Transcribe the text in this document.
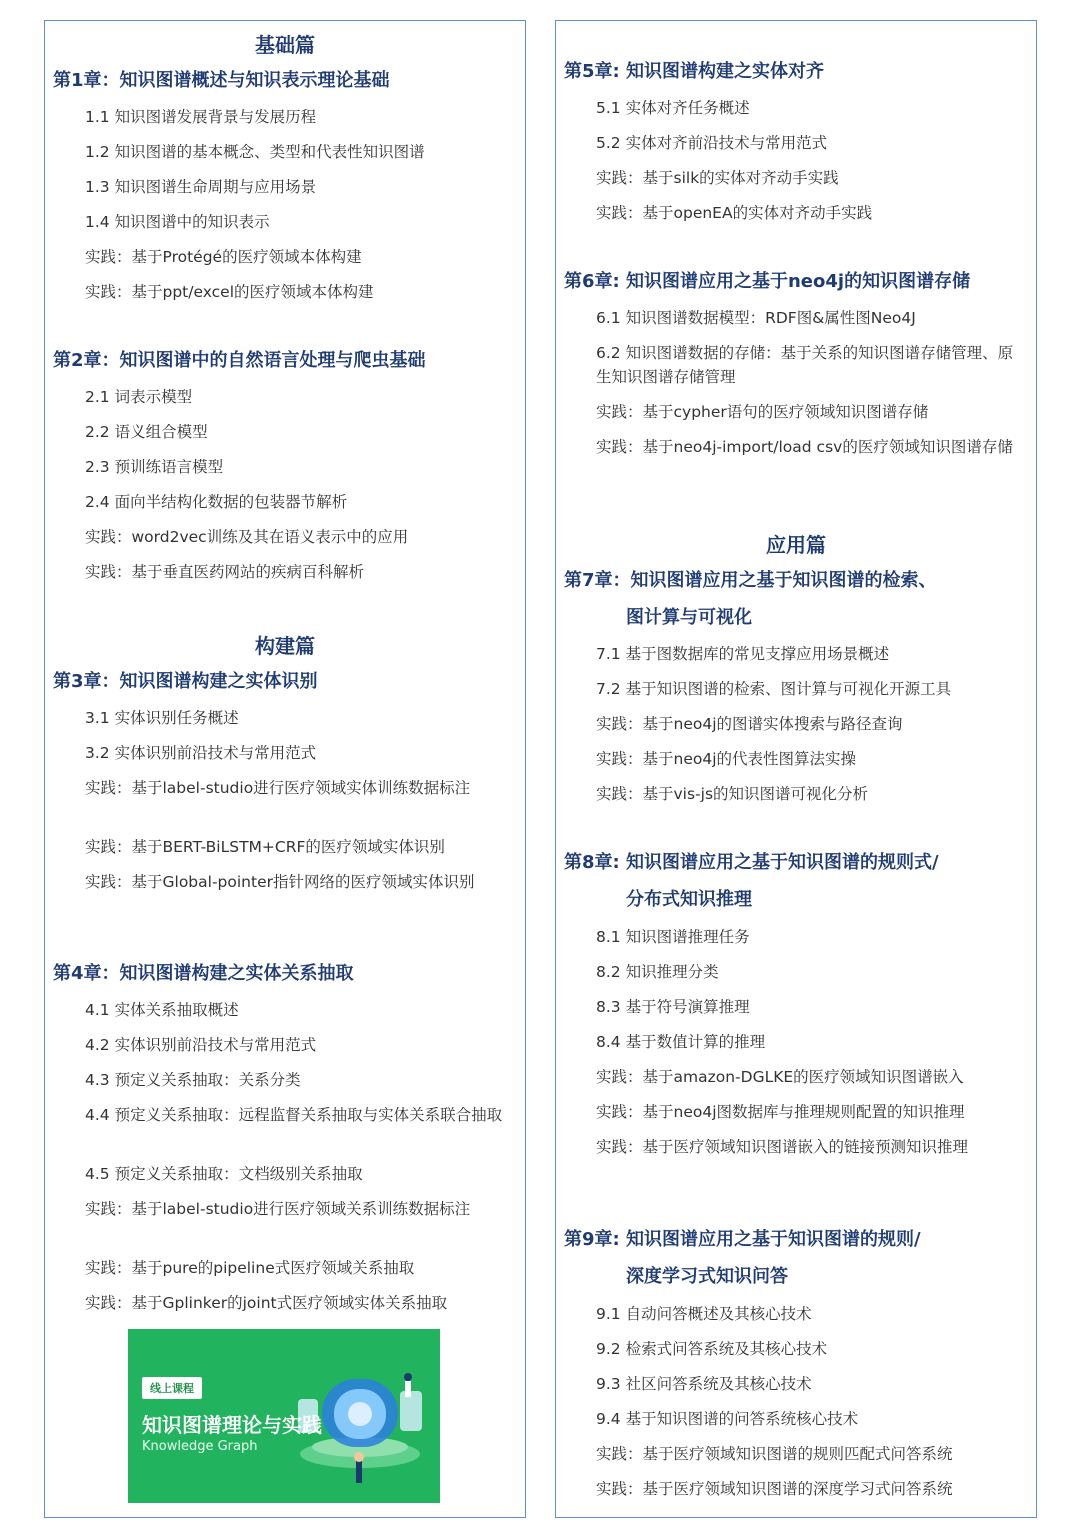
基础篇
第1章：知识图谱概述与知识表示理论基础
1.1 知识图谱发展背景与发展历程
1.2 知识图谱的基本概念、类型和代表性知识图谱
1.3 知识图谱生命周期与应用场景
1.4 知识图谱中的知识表示
实践：基于Protégé的医疗领域本体构建
实践：基于ppt/excel的医疗领域本体构建
第2章：知识图谱中的自然语言处理与爬虫基础
2.1 词表示模型
2.2 语义组合模型
2.3 预训练语言模型
2.4 面向半结构化数据的包装器节解析
实践：word2vec训练及其在语义表示中的应用
实践：基于垂直医药网站的疾病百科解析
构建篇
第3章：知识图谱构建之实体识别
3.1 实体识别任务概述
3.2 实体识别前沿技术与常用范式
实践：基于label-studio进行医疗领域实体训练数据标注
实践：基于BERT-BiLSTM+CRF的医疗领域实体识别
实践：基于Global-pointer指针网络的医疗领域实体识别
第4章：知识图谱构建之实体关系抽取
4.1 实体关系抽取概述
4.2 实体识别前沿技术与常用范式
4.3 预定义关系抽取：关系分类
4.4 预定义关系抽取：远程监督关系抽取与实体关系联合抽取
4.5 预定义关系抽取：文档级别关系抽取
实践：基于label-studio进行医疗领域关系训练数据标注
实践：基于pure的pipeline式医疗领域关系抽取
实践：基于Gplinker的joint式医疗领域实体关系抽取
线上课程
知识图谱理论与实践
Knowledge Graph
第5章: 知识图谱构建之实体对齐
5.1 实体对齐任务概述
5.2 实体对齐前沿技术与常用范式
实践：基于silk的实体对齐动手实践
实践：基于openEA的实体对齐动手实践
第6章: 知识图谱应用之基于neo4j的知识图谱存储
6.1 知识图谱数据模型：RDF图&属性图Neo4J
6.2 知识图谱数据的存储：基于关系的知识图谱存储管理、原生知识图谱存储管理
实践：基于cypher语句的医疗领域知识图谱存储
实践：基于neo4j-import/load csv的医疗领域知识图谱存储
应用篇
第7章：知识图谱应用之基于知识图谱的检索、
图计算与可视化
7.1 基于图数据库的常见支撑应用场景概述
7.2 基于知识图谱的检索、图计算与可视化开源工具
实践：基于neo4j的图谱实体搜索与路径查询
实践：基于neo4j的代表性图算法实操
实践：基于vis-js的知识图谱可视化分析
第8章: 知识图谱应用之基于知识图谱的规则式/
分布式知识推理
8.1 知识图谱推理任务
8.2 知识推理分类
8.3 基于符号演算推理
8.4 基于数值计算的推理
实践：基于amazon-DGLKE的医疗领域知识图谱嵌入
实践：基于neo4j图数据库与推理规则配置的知识推理
实践：基于医疗领域知识图谱嵌入的链接预测知识推理
第9章: 知识图谱应用之基于知识图谱的规则/
深度学习式知识问答
9.1 自动问答概述及其核心技术
9.2 检索式问答系统及其核心技术
9.3 社区问答系统及其核心技术
9.4 基于知识图谱的问答系统核心技术
实践：基于医疗领域知识图谱的规则匹配式问答系统
实践：基于医疗领域知识图谱的深度学习式问答系统
